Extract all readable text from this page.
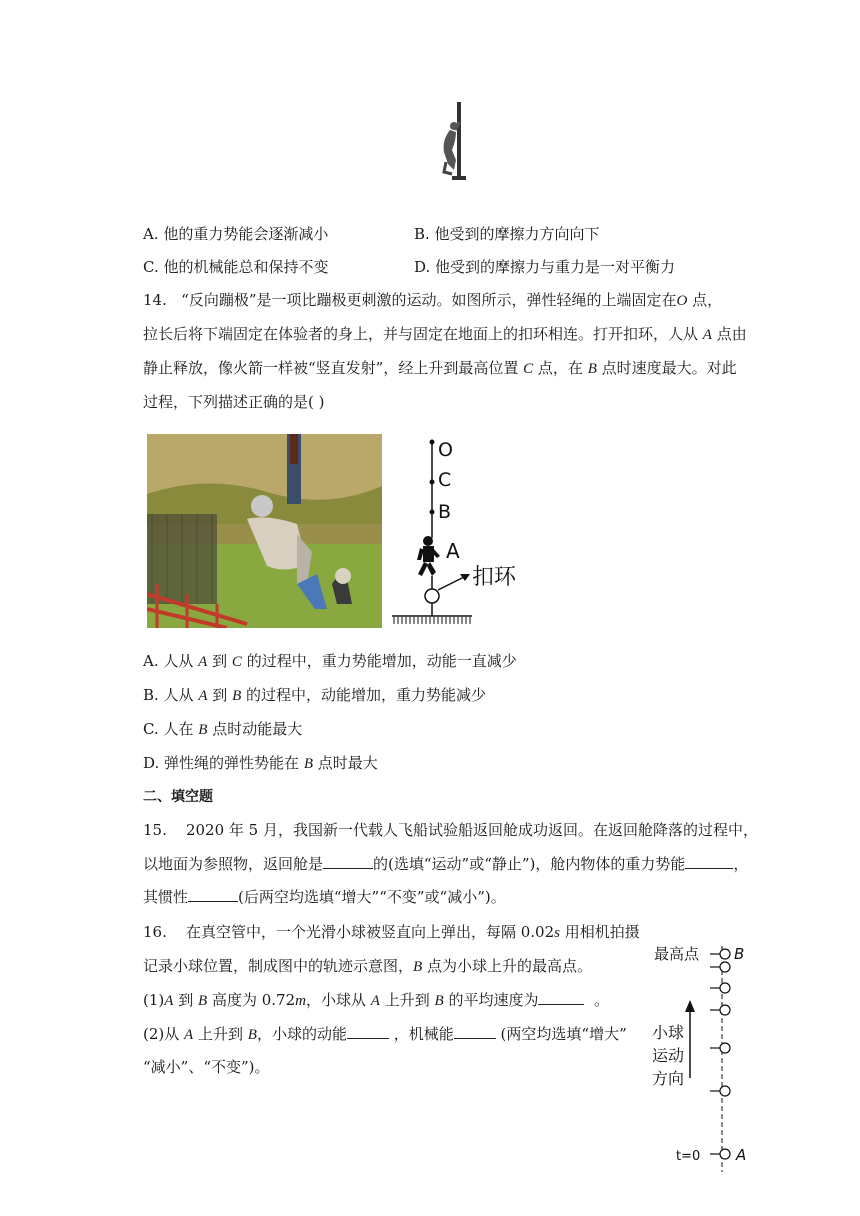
A. 他的重力势能会逐渐减小	B. 他受到的摩擦力方向向下
C. 他的机械能总和保持不变	D. 他受到的摩擦力与重力是一对平衡力
14. “反向蹦极”是一项比蹦极更刺激的运动。如图所示，弹性轻绳的上端固定在O 点，
拉长后将下端固定在体验者的身上，并与固定在地面上的扣环相连。打开扣环，人从 A 点由
静止释放，像火箭一样被“竖直发射”，经上升到最高位置 C 点，在 B 点时速度最大。对此
过程，下列描述正确的是( )
O
C
B
A
扣环
A. 人从 A 到 C 的过程中，重力势能增加，动能一直减少
B. 人从 A 到 B 的过程中，动能增加，重力势能减少
C. 人在 B 点时动能最大
D. 弹性绳的弹性势能在 B 点时最大
二、填空题
15. 2020 年 5 月，我国新一代载人飞船试验船返回舱成功返回。在返回舱降落的过程中，
以地面为参照物，返回舱是	的(选填“运动”或“静止”)，舱内物体的重力势能	，
其惯性	(后两空均选填“增大”“不变”或“减小”)。
16. 在真空管中，一个光滑小球被竖直向上弹出，每隔 0.02s 用相机拍摄
记录小球位置，制成图中的轨迹示意图，B 点为小球上升的最高点。
(1)A 到 B 高度为 0.72m，小球从 A 上升到 B 的平均速度为	。
(2)从 A 上升到 B，小球的动能	，机械能	(两空均选填“增大”
“减小”、“不变”)。
最高点 B
小球
运动
方向
t=0 A
